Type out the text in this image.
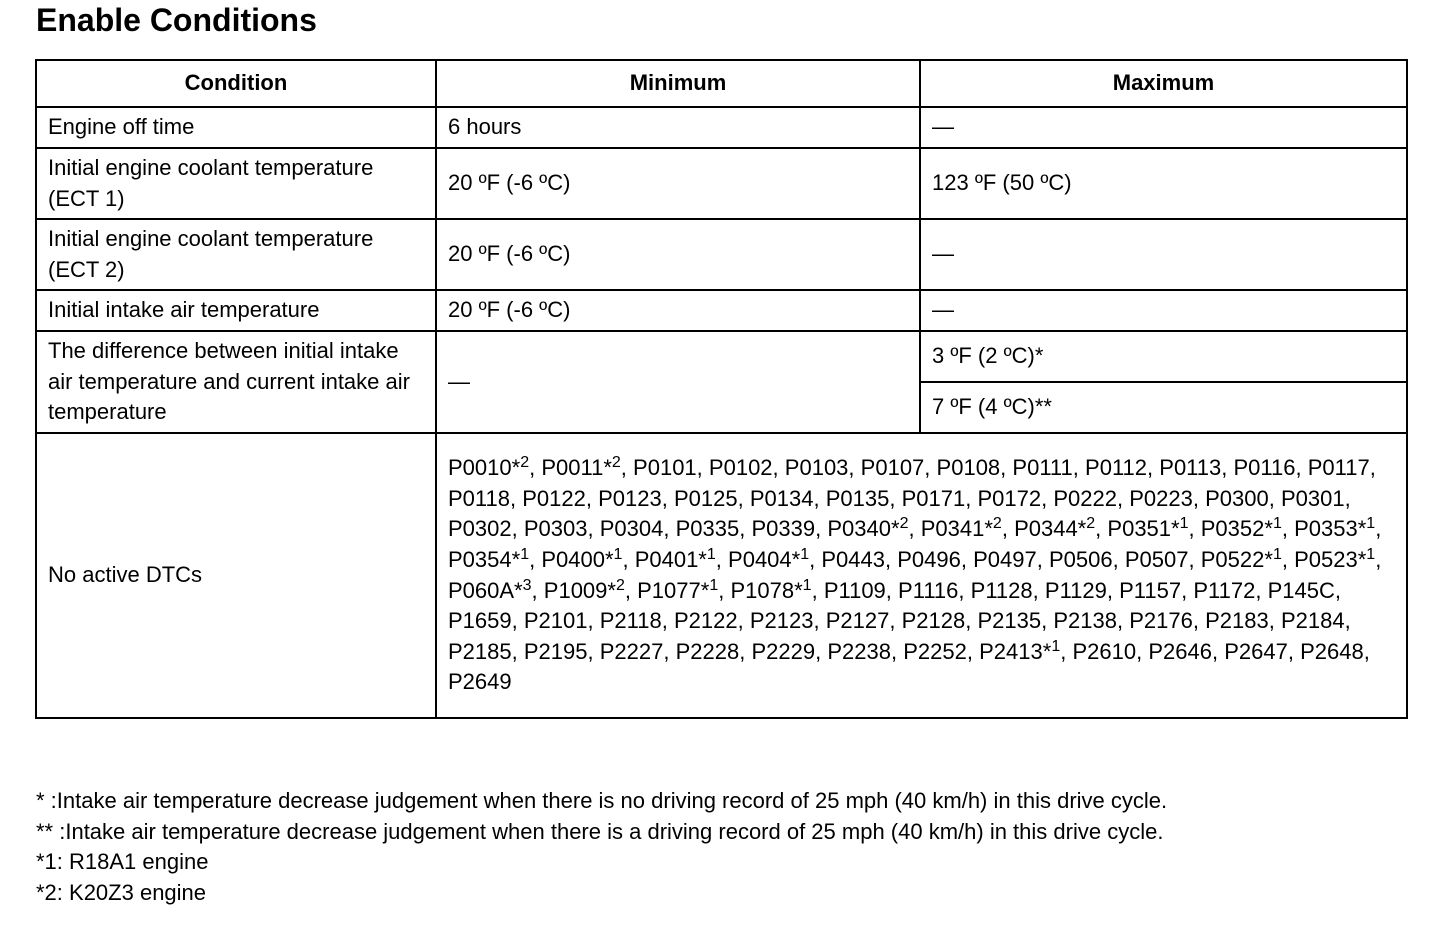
Enable Conditions
Condition	Minimum	Maximum
Engine off time	6 hours	—
Initial engine coolant temperature (ECT 1)	20 ºF (-6 ºC)	123 ºF (50 ºC)
Initial engine coolant temperature (ECT 2)	20 ºF (-6 ºC)	—
Initial intake air temperature	20 ºF (-6 ºC)	—
The difference between initial intake air temperature and current intake air temperature	—	3 ºF (2 ºC)*
		7 ºF (4 ºC)**
No active DTCs	P0010*$^2$, P0011*$^2$, P0101, P0102, P0103, P0107, P0108, P0111, P0112, P0113, P0116, P0117, P0118, P0122, P0123, P0125, P0134, P0135, P0171, P0172, P0222, P0223, P0300, P0301, P0302, P0303, P0304, P0335, P0339, P0340*$^2$, P0341*$^2$, P0344*$^2$, P0351*$^1$, P0352*$^1$, P0353*$^1$, P0354*$^1$, P0400*$^1$, P0401*$^1$, P0404*$^1$, P0443, P0496, P0497, P0506, P0507, P0522*$^1$, P0523*$^1$, P060A*$^3$, P1009*$^2$, P1077*$^1$, P1078*$^1$, P1109, P1116, P1128, P1129, P1157, P1172, P145C, P1659, P2101, P2118, P2122, P2123, P2127, P2128, P2135, P2138, P2176, P2183, P2184, P2185, P2195, P2227, P2228, P2229, P2238, P2252, P2413*$^1$, P2610, P2646, P2647, P2648, P2649	
* :Intake air temperature decrease judgement when there is no driving record of 25 mph (40 km/h) in this drive cycle.
** :Intake air temperature decrease judgement when there is a driving record of 25 mph (40 km/h) in this drive cycle.
*1: R18A1 engine
*2: K20Z3 engine
